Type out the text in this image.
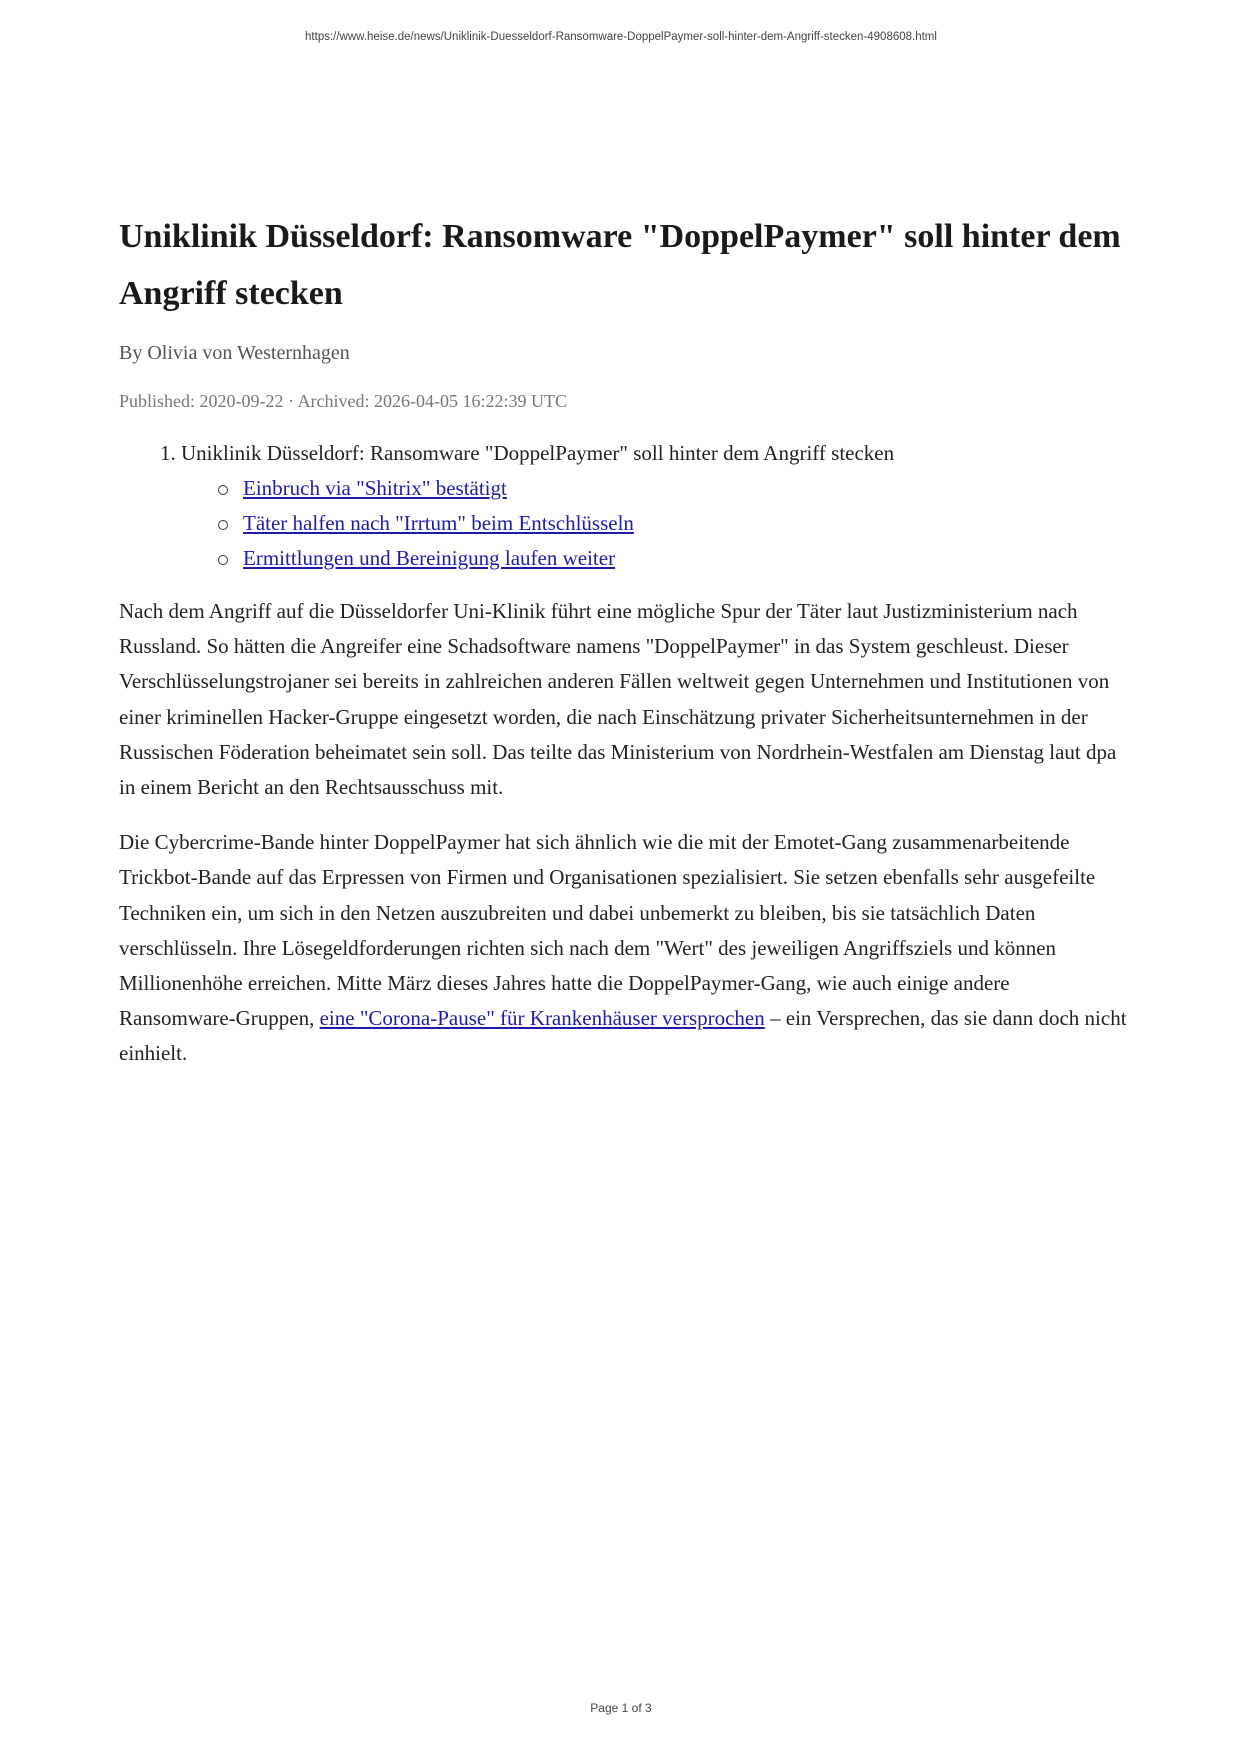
https://www.heise.de/news/Uniklinik-Duesseldorf-Ransomware-DoppelPaymer-soll-hinter-dem-Angriff-stecken-4908608.html
Uniklinik Düsseldorf: Ransomware "DoppelPaymer" soll hinter dem Angriff stecken
By Olivia von Westernhagen
Published: 2020-09-22 · Archived: 2026-04-05 16:22:39 UTC
1. Uniklinik Düsseldorf: Ransomware "DoppelPaymer" soll hinter dem Angriff stecken
Einbruch via "Shitrix" bestätigt
Täter halfen nach "Irrtum" beim Entschlüsseln
Ermittlungen und Bereinigung laufen weiter

Nach dem Angriff auf die Düsseldorfer Uni-Klinik führt eine mögliche Spur der Täter laut Justizministerium nach Russland. So hätten die Angreifer eine Schadsoftware namens "DoppelPaymer" in das System geschleust. Dieser Verschlüsselungstrojaner sei bereits in zahlreichen anderen Fällen weltweit gegen Unternehmen und Institutionen von einer kriminellen Hacker-Gruppe eingesetzt worden, die nach Einschätzung privater Sicherheitsunternehmen in der Russischen Föderation beheimatet sein soll. Das teilte das Ministerium von Nordrhein-Westfalen am Dienstag laut dpa in einem Bericht an den Rechtsausschuss mit.

Die Cybercrime-Bande hinter DoppelPaymer hat sich ähnlich wie die mit der Emotet-Gang zusammenarbeitende Trickbot-Bande auf das Erpressen von Firmen und Organisationen spezialisiert. Sie setzen ebenfalls sehr ausgefeilte Techniken ein, um sich in den Netzen auszubreiten und dabei unbemerkt zu bleiben, bis sie tatsächlich Daten verschlüsseln. Ihre Lösegeldforderungen richten sich nach dem "Wert" des jeweiligen Angriffsziels und können Millionenhöhe erreichen. Mitte März dieses Jahres hatte die DoppelPaymer-Gang, wie auch einige andere Ransomware-Gruppen, eine "Corona-Pause" für Krankenhäuser versprochen – ein Versprechen, das sie dann doch nicht einhielt.

Page 1 of 3
